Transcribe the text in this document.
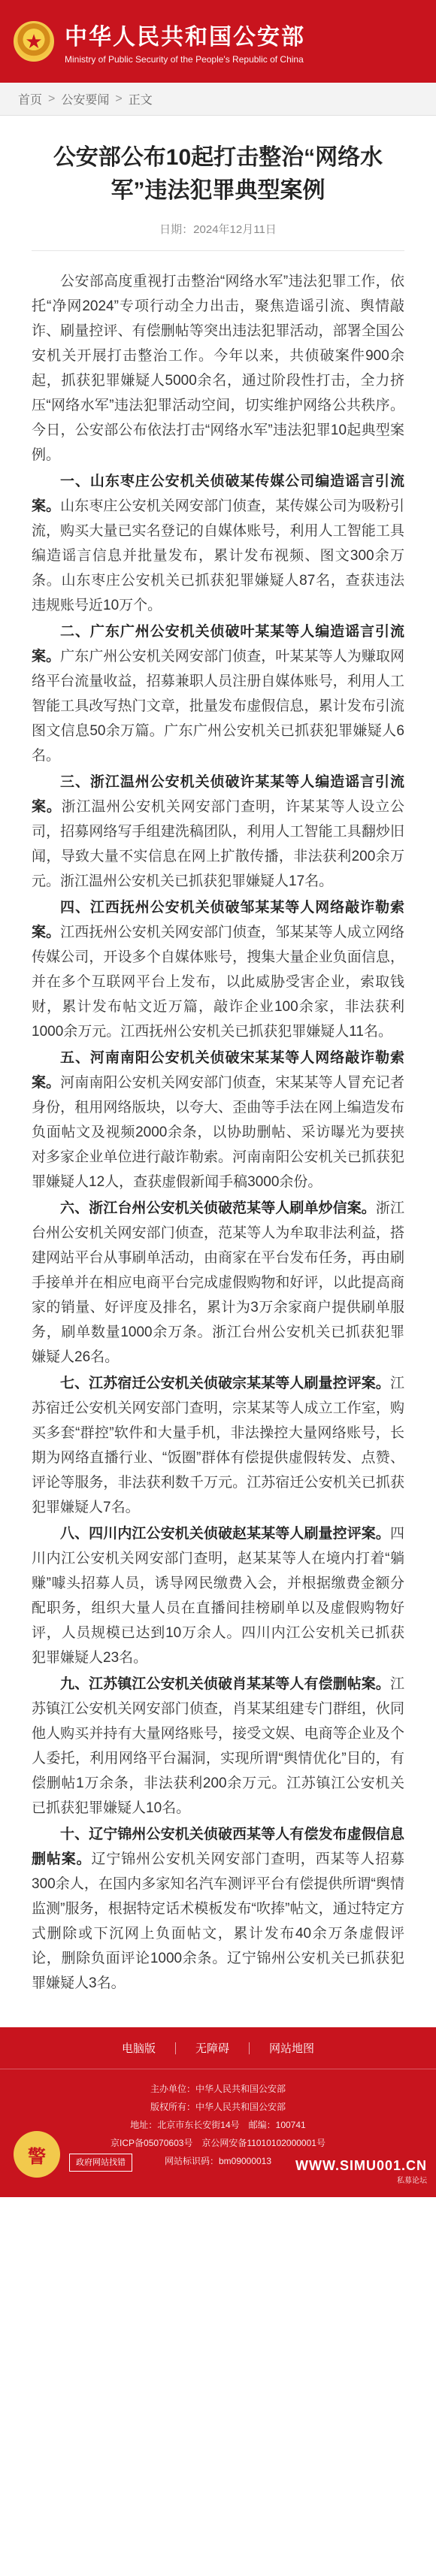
★ 中华人民共和国公安部
Ministry of Public Security of the People's Republic of China
首页 > 公安要闻 > 正文
公安部公布10起打击整治“网络水军”违法犯罪典型案例
日期：2024年12月11日

公安部高度重视打击整治“网络水军”违法犯罪工作，依托“净网2024”专项行动全力出击，聚焦造谣引流、舆情敲诈、刷量控评、有偿删帖等突出违法犯罪活动，部署全国公安机关开展打击整治工作。今年以来，共侦破案件900余起，抓获犯罪嫌疑人5000余名，通过阶段性打击，全力挤压“网络水军”违法犯罪活动空间，切实维护网络公共秩序。今日，公安部公布依法打击“网络水军”违法犯罪10起典型案例。

一、山东枣庄公安机关侦破某传媒公司编造谣言引流案。山东枣庄公安机关网安部门侦查，某传媒公司为吸粉引流，购买大量已实名登记的自媒体账号，利用人工智能工具编造谣言信息并批量发布，累计发布视频、图文300余万条。山东枣庄公安机关已抓获犯罪嫌疑人87名，查获违法违规账号近10万个。

二、广东广州公安机关侦破叶某某等人编造谣言引流案。广东广州公安机关网安部门侦查，叶某某等人为赚取网络平台流量收益，招募兼职人员注册自媒体账号，利用人工智能工具改写热门文章，批量发布虚假信息，累计发布引流图文信息50余万篇。广东广州公安机关已抓获犯罪嫌疑人6名。

三、浙江温州公安机关侦破许某某等人编造谣言引流案。浙江温州公安机关网安部门查明，许某某等人设立公司，招募网络写手组建洗稿团队，利用人工智能工具翻炒旧闻，导致大量不实信息在网上扩散传播，非法获利200余万元。浙江温州公安机关已抓获犯罪嫌疑人17名。

四、江西抚州公安机关侦破邹某某等人网络敲诈勒索案。江西抚州公安机关网安部门侦查，邹某某等人成立网络传媒公司，开设多个自媒体账号，搜集大量企业负面信息，并在多个互联网平台上发布，以此威胁受害企业，索取钱财，累计发布帖文近万篇，敲诈企业100余家，非法获利1000余万元。江西抚州公安机关已抓获犯罪嫌疑人11名。

五、河南南阳公安机关侦破宋某某等人网络敲诈勒索案。河南南阳公安机关网安部门侦查，宋某某等人冒充记者身份，租用网络版块，以夸大、歪曲等手法在网上编造发布负面帖文及视频2000余条，以协助删帖、采访曝光为要挟对多家企业单位进行敲诈勒索。河南南阳公安机关已抓获犯罪嫌疑人12人，查获虚假新闻手稿3000余份。

六、浙江台州公安机关侦破范某等人刷单炒信案。浙江台州公安机关网安部门侦查，范某等人为牟取非法利益，搭建网站平台从事刷单活动，由商家在平台发布任务，再由刷手接单并在相应电商平台完成虚假购物和好评，以此提高商家的销量、好评度及排名，累计为3万余家商户提供刷单服务，刷单数量1000余万条。浙江台州公安机关已抓获犯罪嫌疑人26名。

七、江苏宿迁公安机关侦破宗某某等人刷量控评案。江苏宿迁公安机关网安部门查明，宗某某等人成立工作室，购买多套“群控”软件和大量手机，非法操控大量网络账号，长期为网络直播行业、“饭圈”群体有偿提供虚假转发、点赞、评论等服务，非法获利数千万元。江苏宿迁公安机关已抓获犯罪嫌疑人7名。

八、四川内江公安机关侦破赵某某等人刷量控评案。四川内江公安机关网安部门查明，赵某某等人在境内打着“躺赚”噱头招募人员，诱导网民缴费入会，并根据缴费金额分配职务，组织大量人员在直播间挂榜刷单以及虚假购物好评，人员规模已达到10万余人。四川内江公安机关已抓获犯罪嫌疑人23名。

九、江苏镇江公安机关侦破肖某某等人有偿删帖案。江苏镇江公安机关网安部门侦查，肖某某组建专门群组，伙同他人购买并持有大量网络账号，接受文娱、电商等企业及个人委托，利用网络平台漏洞，实现所谓“舆情优化”目的，有偿删帖1万余条，非法获利200余万元。江苏镇江公安机关已抓获犯罪嫌疑人10名。

十、辽宁锦州公安机关侦破西某等人有偿发布虚假信息删帖案。辽宁锦州公安机关网安部门查明，西某等人招募300余人，在国内多家知名汽车测评平台有偿提供所谓“舆情监测”服务，根据特定话术模板发布“吹捧”帖文，通过特定方式删除或下沉网上负面帖文，累计发布40余万条虚假评论，删除负面评论1000余条。辽宁锦州公安机关已抓获犯罪嫌疑人3名。

电脑版	无障碍	网站地图
主办单位：中华人民共和国公安部
版权所有：中华人民共和国公安部
地址：北京市东长安街14号　邮编：100741
京ICP备05070603号　京公网安备11010102000001号
网站标识码：bm09000013
警	政府网站找错	WWW.SIMU001.CN
私募论坛
